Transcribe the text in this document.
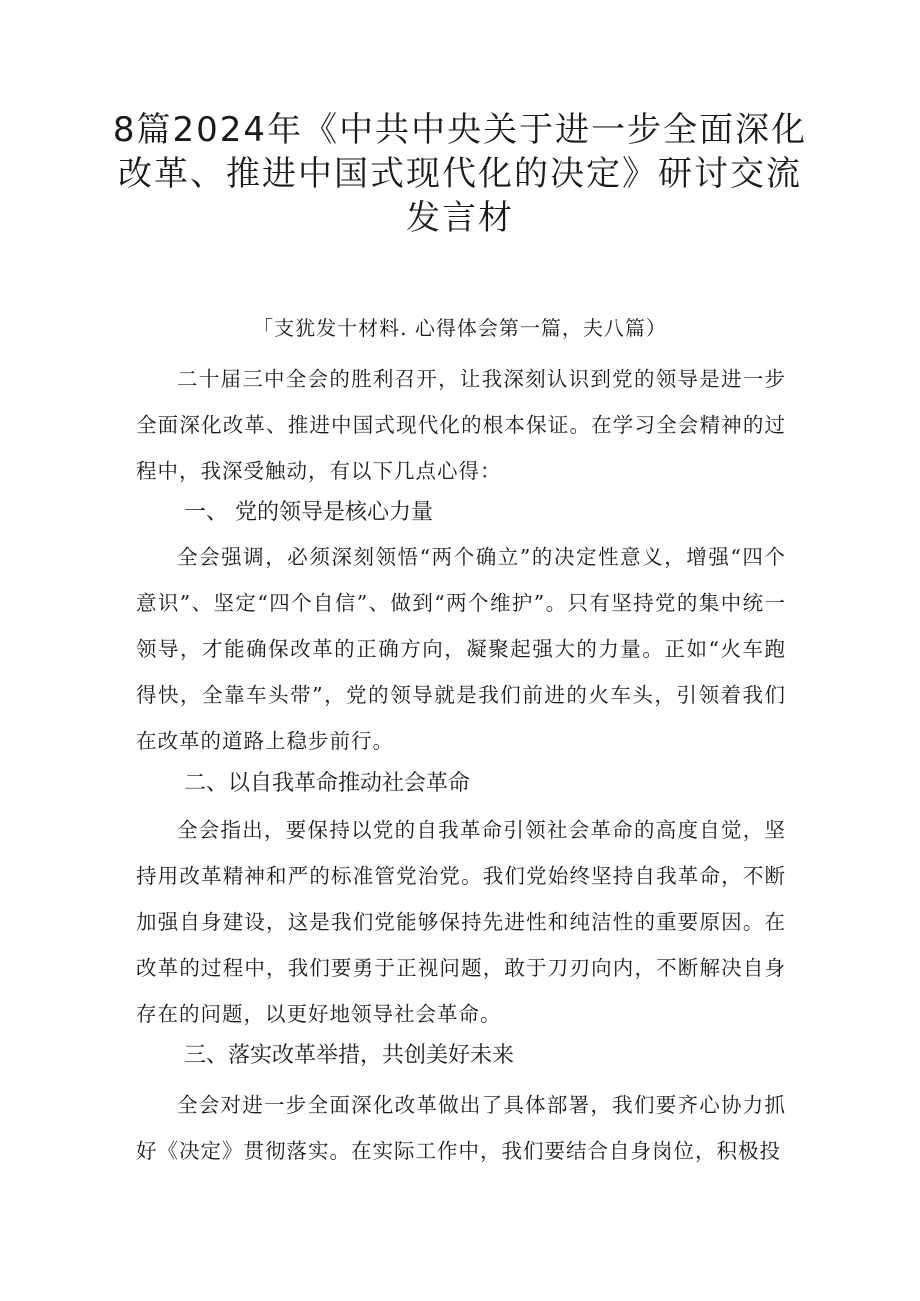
8篇2024年《中共中央关于进一步全面深化
改革、推进中国式现代化的决定》研讨交流
发言材
「支犹发十材料. 心得体会第一篇，夫八篇）

二十届三中全会的胜利召开，让我深刻认识到党的领导是进一步全面深化改革、推进中国式现代化的根本保证。在学习全会精神的过程中，我深受触动，有以下几点心得：

一、 党的领导是核心力量

全会强调，必须深刻领悟“两个确立”的决定性意义，增强“四个意识”、坚定“四个自信”、做到“两个维护”。只有坚持党的集中统一领导，才能确保改革的正确方向，凝聚起强大的力量。正如“火车跑得快，全靠车头带”，党的领导就是我们前进的火车头，引领着我们在改革的道路上稳步前行。

二、以自我革命推动社会革命

全会指出，要保持以党的自我革命引领社会革命的高度自觉，坚持用改革精神和严的标准管党治党。我们党始终坚持自我革命，不断加强自身建设，这是我们党能够保持先进性和纯洁性的重要原因。在改革的过程中，我们要勇于正视问题，敢于刀刃向内，不断解决自身存在的问题，以更好地领导社会革命。

三、落实改革举措，共创美好未来

全会对进一步全面深化改革做出了具体部署，我们要齐心协力抓好《决定》贯彻落实。在实际工作中，我们要结合自身岗位，积极投
